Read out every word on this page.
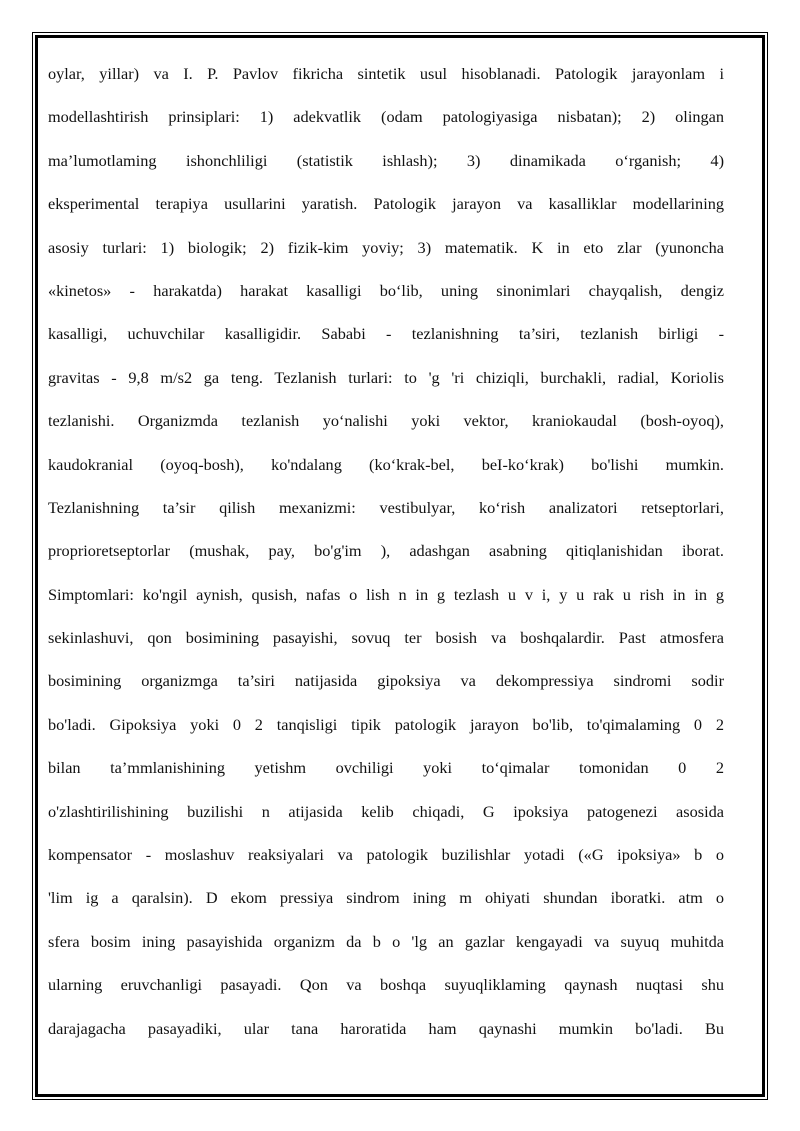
oylar, yillar) va I. P. Pavlov fikricha sintetik usul hisoblanadi. Patologik jarayonlam i
modellashtirish prinsiplari: 1) adekvatlik (odam patologiyasiga nisbatan); 2) olingan
ma’lumotlaming ishonchliligi (statistik ishlash); 3) dinamikada o‘rganish; 4)
eksperimental terapiya usullarini yaratish. Patologik jarayon va kasalliklar modellarining
asosiy turlari: 1) biologik; 2) fizik-kim yoviy; 3) matematik. K in eto zlar (yunoncha
«kinetos» - harakatda) harakat kasalligi bo‘lib, uning sinonimlari chayqalish, dengiz
kasalligi, uchuvchilar kasalligidir. Sababi - tezlanishning ta’siri, tezlanish birligi -
gravitas - 9,8 m/s2 ga teng. Tezlanish turlari: to 'g 'ri chiziqli, burchakli, radial, Koriolis
tezlanishi. Organizmda tezlanish yo‘nalishi yoki vektor, kraniokaudal (bosh-oyoq),
kaudokranial (oyoq-bosh), ko'ndalang (ko‘krak-bel, beI-ko‘krak) bo'lishi mumkin.
Tezlanishning ta’sir qilish mexanizmi: vestibulyar, ko‘rish analizatori retseptorlari,
proprioretseptorlar (mushak, pay, bo'g'im ), adashgan asabning qitiqlanishidan iborat.
Simptomlari: ko'ngil aynish, qusish, nafas o lish n in g tezlash u v i, y u rak u rish in in g
sekinlashuvi, qon bosimining pasayishi, sovuq ter bosish va boshqalardir. Past atmosfera
bosimining organizmga ta’siri natijasida gipoksiya va dekompressiya sindromi sodir
bo'ladi. Gipoksiya yoki 0 2 tanqisligi tipik patologik jarayon bo'lib, to'qimalaming 0 2
bilan ta’mmlanishining yetishm ovchiligi yoki to‘qimalar tomonidan 0 2
o'zlashtirilishining buzilishi n atijasida kelib chiqadi, G ipoksiya patogenezi asosida
kompensator - moslashuv reaksiyalari va patologik buzilishlar yotadi («G ipoksiya» b o
'lim ig a qaralsin). D ekom pressiya sindrom ining m ohiyati shundan iboratki. atm o
sfera bosim ining pasayishida organizm da b o 'lg an gazlar kengayadi va suyuq muhitda
ularning eruvchanligi pasayadi. Qon va boshqa suyuqliklaming qaynash nuqtasi shu
darajagacha pasayadiki, ular tana haroratida ham qaynashi mumkin bo'ladi. Bu
